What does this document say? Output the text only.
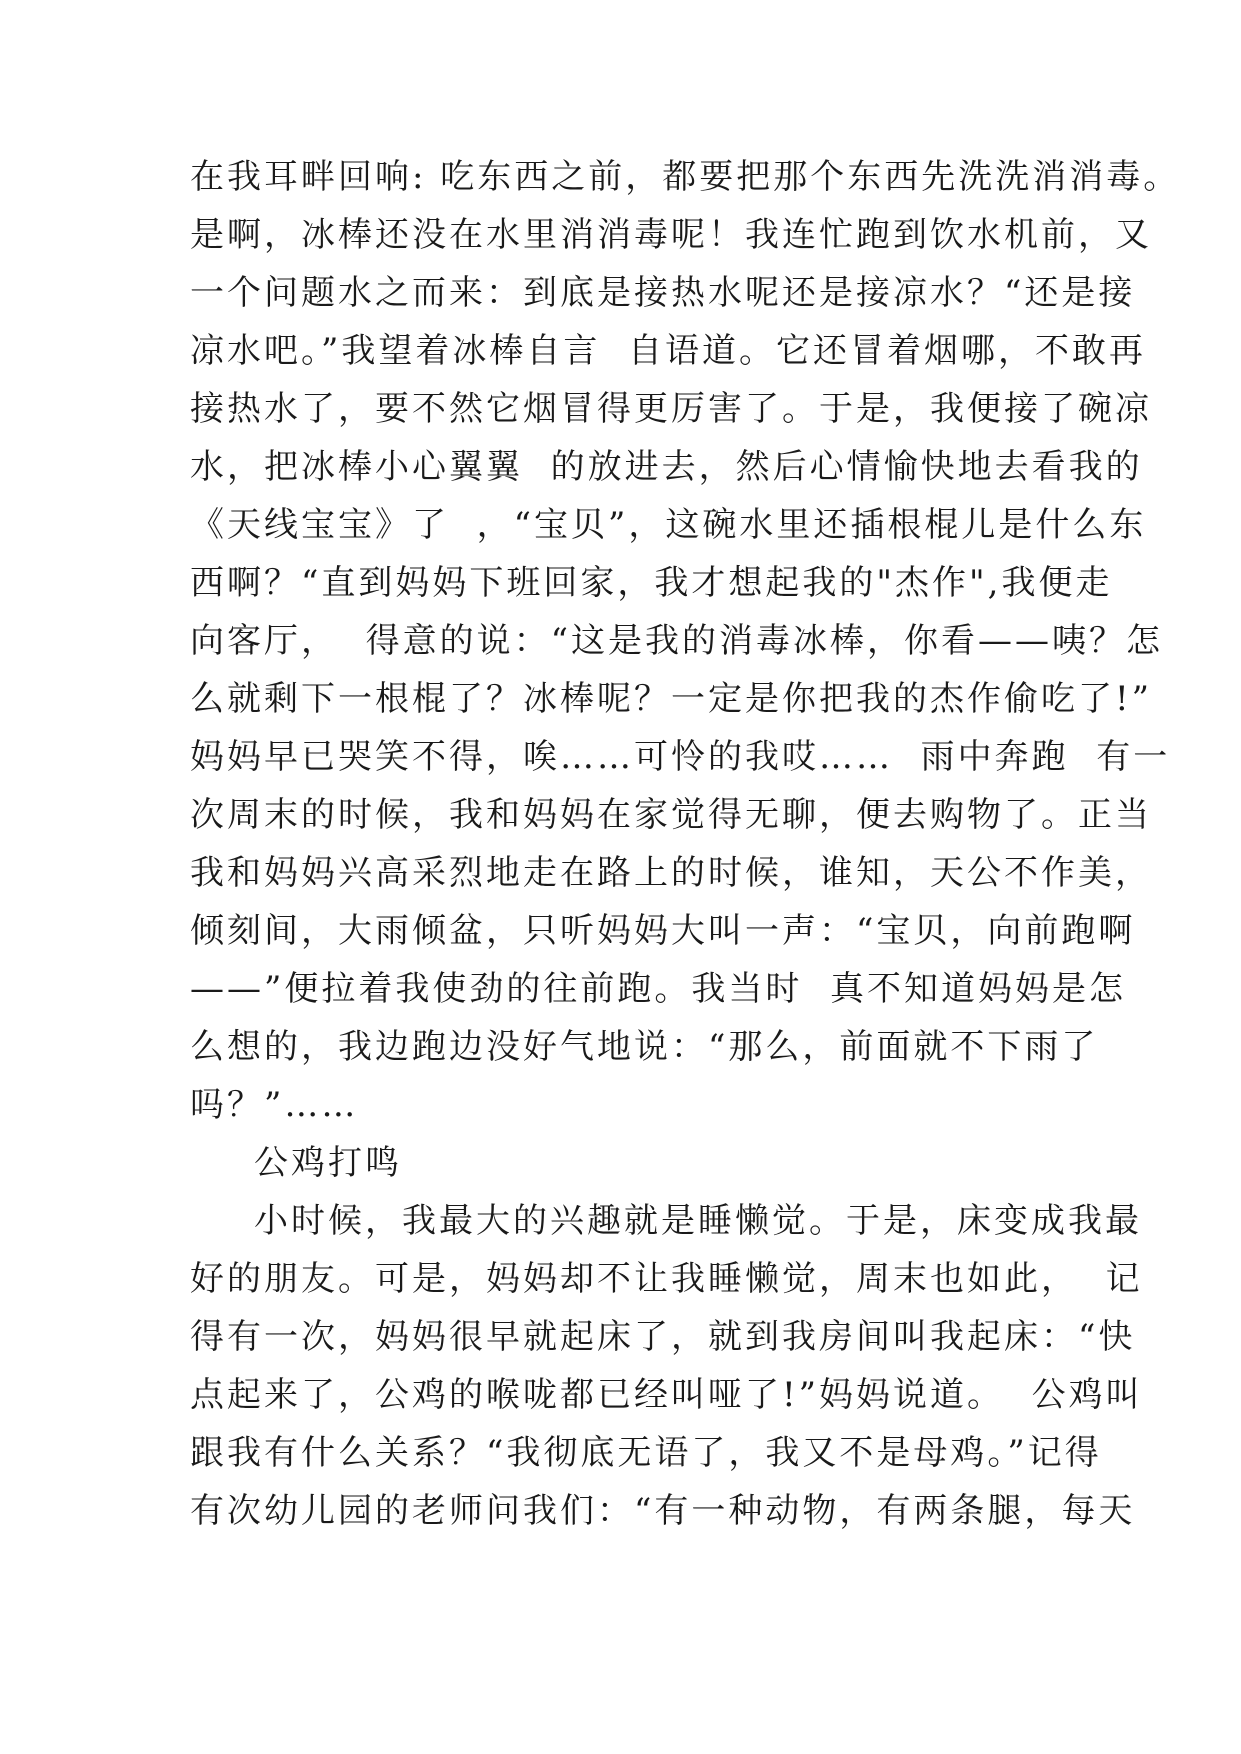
在我耳畔回响: 吃东西之前，都要把那个东西先洗洗消消毒。
是啊，冰棒还没在水里消消毒呢！我连忙跑到饮水机前，又
一个问题水之而来：到底是接热水呢还是接凉水？“还是接
凉水吧。”我望着冰棒自言  自语道。它还冒着烟哪，不敢再
接热水了，要不然它烟冒得更厉害了。于是，我便接了碗凉
水，把冰棒小心翼翼  的放进去，然后心情愉快地去看我的
《天线宝宝》了  ，“宝贝”，这碗水里还插根棍儿是什么东
西啊？“直到妈妈下班回家，我才想起我的"杰作",我便走
向客厅，  得意的说：“这是我的消毒冰棒，你看——咦？怎
么就剩下一根棍了？冰棒呢？一定是你把我的杰作偷吃了!”
妈妈早已哭笑不得，唉……可怜的我哎……  雨中奔跑  有一
次周末的时候，我和妈妈在家觉得无聊，便去购物了。正当
我和妈妈兴高采烈地走在路上的时候，谁知，天公不作美，
倾刻间，大雨倾盆，只听妈妈大叫一声：“宝贝，向前跑啊
——”便拉着我使劲的往前跑。我当时  真不知道妈妈是怎
么想的，我边跑边没好气地说：“那么，前面就不下雨了
吗？”……
公鸡打鸣
小时候，我最大的兴趣就是睡懒觉。于是，床变成我最
好的朋友。可是，妈妈却不让我睡懒觉，周末也如此，  记
得有一次，妈妈很早就起床了，就到我房间叫我起床：“快
点起来了，公鸡的喉咙都已经叫哑了!”妈妈说道。  公鸡叫
跟我有什么关系？“我彻底无语了，我又不是母鸡。”记得
有次幼儿园的老师问我们：“有一种动物，有两条腿，每天
